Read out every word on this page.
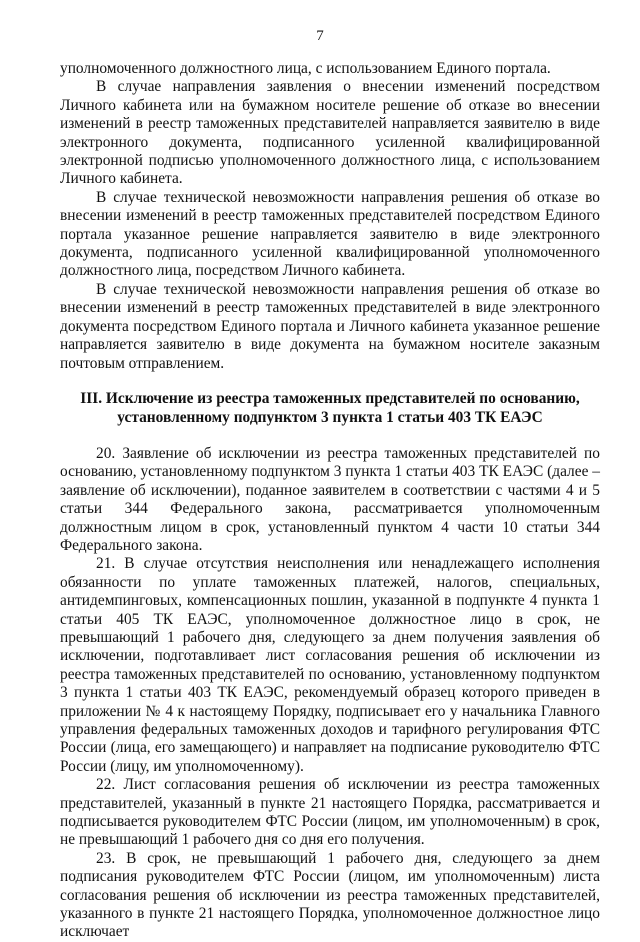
7

уполномоченного должностного лица, с использованием Единого портала.

В случае направления заявления о внесении изменений посредством Личного кабинета или на бумажном носителе решение об отказе во внесении изменений в реестр таможенных представителей направляется заявителю в виде электронного документа, подписанного усиленной квалифицированной электронной подписью уполномоченного должностного лица, с использованием Личного кабинета.

В случае технической невозможности направления решения об отказе во внесении изменений в реестр таможенных представителей посредством Единого портала указанное решение направляется заявителю в виде электронного документа, подписанного усиленной квалифицированной уполномоченного должностного лица, посредством Личного кабинета.

В случае технической невозможности направления решения об отказе во внесении изменений в реестр таможенных представителей в виде электронного документа посредством Единого портала и Личного кабинета указанное решение направляется заявителю в виде документа на бумажном носителе заказным почтовым отправлением.

III. Исключение из реестра таможенных представителей по основанию,
установленному подпунктом 3 пункта 1 статьи 403 ТК ЕАЭС

20. Заявление об исключении из реестра таможенных представителей по основанию, установленному подпунктом 3 пункта 1 статьи 403 ТК ЕАЭС (далее – заявление об исключении), поданное заявителем в соответствии с частями 4 и 5 статьи 344 Федерального закона, рассматривается уполномоченным должностным лицом в срок, установленный пунктом 4 части 10 статьи 344 Федерального закона.

21. В случае отсутствия неисполнения или ненадлежащего исполнения обязанности по уплате таможенных платежей, налогов, специальных, антидемпинговых, компенсационных пошлин, указанной в подпункте 4 пункта 1 статьи 405 ТК ЕАЭС, уполномоченное должностное лицо в срок, не превышающий 1 рабочего дня, следующего за днем получения заявления об исключении, подготавливает лист согласования решения об исключении из реестра таможенных представителей по основанию, установленному подпунктом 3 пункта 1 статьи 403 ТК ЕАЭС, рекомендуемый образец которого приведен в приложении № 4 к настоящему Порядку, подписывает его у начальника Главного управления федеральных таможенных доходов и тарифного регулирования ФТС России (лица, его замещающего) и направляет на подписание руководителю ФТС России (лицу, им уполномоченному).

22. Лист согласования решения об исключении из реестра таможенных представителей, указанный в пункте 21 настоящего Порядка, рассматривается и подписывается руководителем ФТС России (лицом, им уполномоченным) в срок, не превышающий 1 рабочего дня со дня его получения.

23. В срок, не превышающий 1 рабочего дня, следующего за днем подписания руководителем ФТС России (лицом, им уполномоченным) листа согласования решения об исключении из реестра таможенных представителей, указанного в пункте 21 настоящего Порядка, уполномоченное должностное лицо исключает
